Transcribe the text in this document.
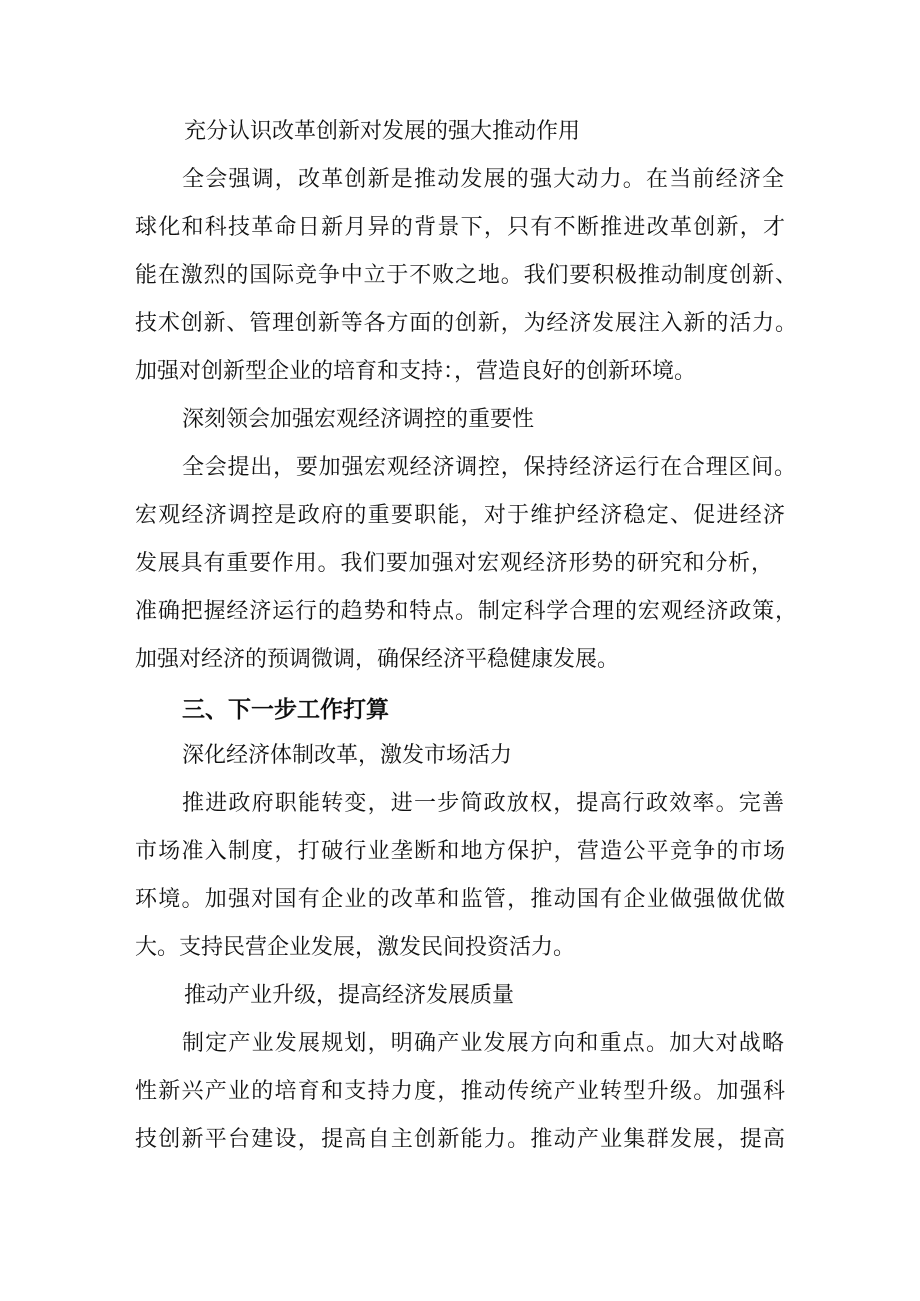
充分认识改革创新对发展的强大推动作用
全会强调，改革创新是推动发展的强大动力。在当前经济全
球化和科技革命日新月异的背景下，只有不断推进改革创新，才
能在激烈的国际竞争中立于不败之地。我们要积极推动制度创新、
技术创新、管理创新等各方面的创新，为经济发展注入新的活力。
加强对创新型企业的培育和支持：，营造良好的创新环境。
深刻领会加强宏观经济调控的重要性
全会提出，要加强宏观经济调控，保持经济运行在合理区间。
宏观经济调控是政府的重要职能，对于维护经济稳定、促进经济
发展具有重要作用。我们要加强对宏观经济形势的研究和分析，
准确把握经济运行的趋势和特点。制定科学合理的宏观经济政策，
加强对经济的预调微调，确保经济平稳健康发展。
三、下一步工作打算
深化经济体制改革，激发市场活力
推进政府职能转变，进一步简政放权，提高行政效率。完善
市场准入制度，打破行业垄断和地方保护，营造公平竞争的市场
环境。加强对国有企业的改革和监管，推动国有企业做强做优做
大。支持民营企业发展，激发民间投资活力。
推动产业升级，提高经济发展质量
制定产业发展规划，明确产业发展方向和重点。加大对战略
性新兴产业的培育和支持力度，推动传统产业转型升级。加强科
技创新平台建设，提高自主创新能力。推动产业集群发展，提高
